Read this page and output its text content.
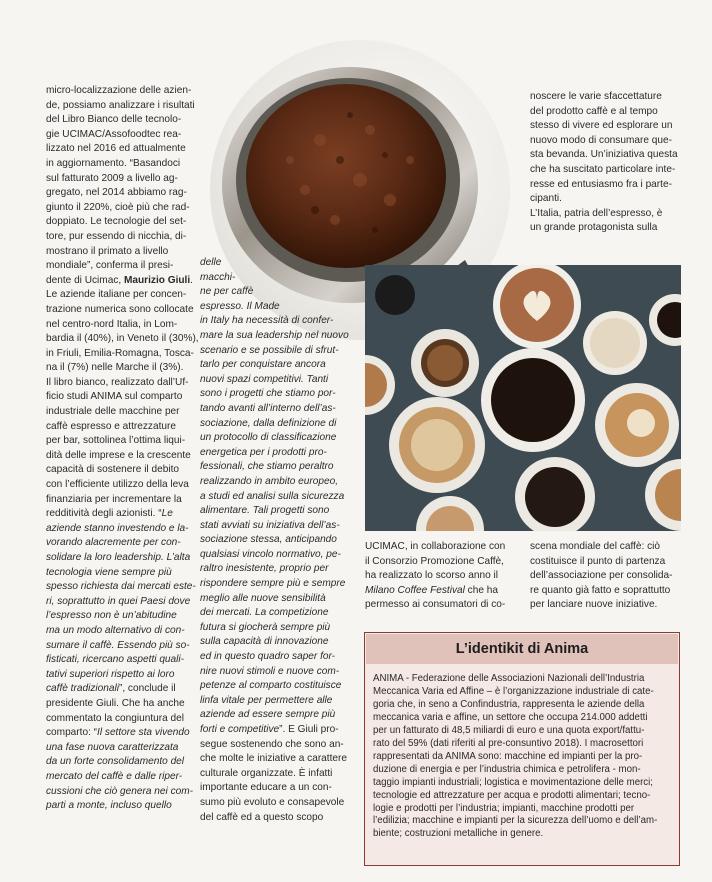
micro-localizzazione delle azien-
de, possiamo analizzare i risultati
del Libro Bianco delle tecnolo-
gie UCIMAC/Assofoodtec rea-
lizzato nel 2016 ed attualmente
in aggiornamento. “Basandoci
sul fatturato 2009 a livello ag-
gregato, nel 2014 abbiamo rag-
giunto il 220%, cioè più che rad-
doppiato. Le tecnologie del set-
tore, pur essendo di nicchia, di-
mostrano il primato a livello
mondiale”, conferma il presi-
dente di Ucimac, Maurizio Giuli.
Le aziende italiane per concen-
trazione numerica sono collocate
nel centro-nord Italia, in Lom-
bardia il (40%), in Veneto il (30%),
in Friuli, Emilia-Romagna, Tosca-
na il (7%) nelle Marche il (3%).
Il libro bianco, realizzato dall’Uf-
ficio studi ANIMA sul comparto
industriale delle macchine per
caffè espresso e attrezzature
per bar, sottolinea l’ottima liqui-
dità delle imprese e la crescente
capacità di sostenere il debito
con l’efficiente utilizzo della leva
finanziaria per incrementare la
redditività degli azionisti. “Le
aziende stanno investendo e la-
vorando alacremente per con-
solidare la loro leadership. L’alta
tecnologia viene sempre più
spesso richiesta dai mercati este-
ri, soprattutto in quei Paesi dove
l’espresso non è un’abitudine
ma un modo alternativo di con-
sumare il caffè. Essendo più so-
fisticati, ricercano aspetti quali-
tativi superiori rispetto ai loro
caffè tradizionali”, conclude il
presidente Giuli. Che ha anche
commentato la congiuntura del
comparto: “Il settore sta vivendo
una fase nuova caratterizzata
da un forte consolidamento del
mercato del caffè e dalle riper-
cussioni che ciò genera nei com-
parti a monte, incluso quello
delle
macchi-
ne per caffè
espresso. Il Made
in Italy ha necessità di confer-
mare la sua leadership nel nuovo
scenario e se possibile di sfrut-
tarlo per conquistare ancora
nuovi spazi competitivi. Tanti
sono i progetti che stiamo por-
tando avanti all’interno dell’as-
sociazione, dalla definizione di
un protocollo di classificazione
energetica per i prodotti pro-
fessionali, che stiamo peraltro
realizzando in ambito europeo,
a studi ed analisi sulla sicurezza
alimentare. Tali progetti sono
stati avviati su iniziativa dell’as-
sociazione stessa, anticipando
qualsiasi vincolo normativo, pe-
raltro inesistente, proprio per
rispondere sempre più e sempre
meglio alle nuove sensibilità
dei mercati. La competizione
futura si giocherà sempre più
sulla capacità di innovazione
ed in questo quadro saper for-
nire nuovi stimoli e nuove com-
petenze al comparto costituisce
linfa vitale per permettere alle
aziende ad essere sempre più
forti e competitive”. E Giuli pro-
segue sostenendo che sono an-
che molte le iniziative a carattere
culturale organizzate. È infatti
importante educare a un con-
sumo più evoluto e consapevole
del caffè ed a questo scopo
noscere le varie sfaccettature
del prodotto caffè e al tempo
stesso di vivere ed esplorare un
nuovo modo di consumare que-
sta bevanda. Un’iniziativa questa
che ha suscitato particolare inte-
resse ed entusiasmo fra i parte-
cipanti.
L’Italia, patria dell’espresso, è
un grande protagonista sulla
UCIMAC, in collaborazione con
il Consorzio Promozione Caffè,
ha realizzato lo scorso anno il
Milano Coffee Festival che ha
permesso ai consumatori di co-
scena mondiale del caffè: ciò
costituisce il punto di partenza
dell’associazione per consolida-
re quanto già fatto e soprattutto
per lanciare nuove iniziative.
L’identikit di Anima
ANIMA - Federazione delle Associazioni Nazionali dell’Industria
Meccanica Varia ed Affine – è l’organizzazione industriale di cate-
goria che, in seno a Confindustria, rappresenta le aziende della
meccanica varia e affine, un settore che occupa 214.000 addetti
per un fatturato di 48,5 miliardi di euro e una quota export/fattu-
rato del 59% (dati riferiti al pre-consuntivo 2018). I macrosettori
rappresentati da ANIMA sono: macchine ed impianti per la pro-
duzione di energia e per l’industria chimica e petrolifera - mon-
taggio impianti industriali; logistica e movimentazione delle merci;
tecnologie ed attrezzature per acqua e prodotti alimentari; tecno-
logie e prodotti per l’industria; impianti, macchine prodotti per
l’edilizia; macchine e impianti per la sicurezza dell’uomo e dell’am-
biente; costruzioni metalliche in genere.
